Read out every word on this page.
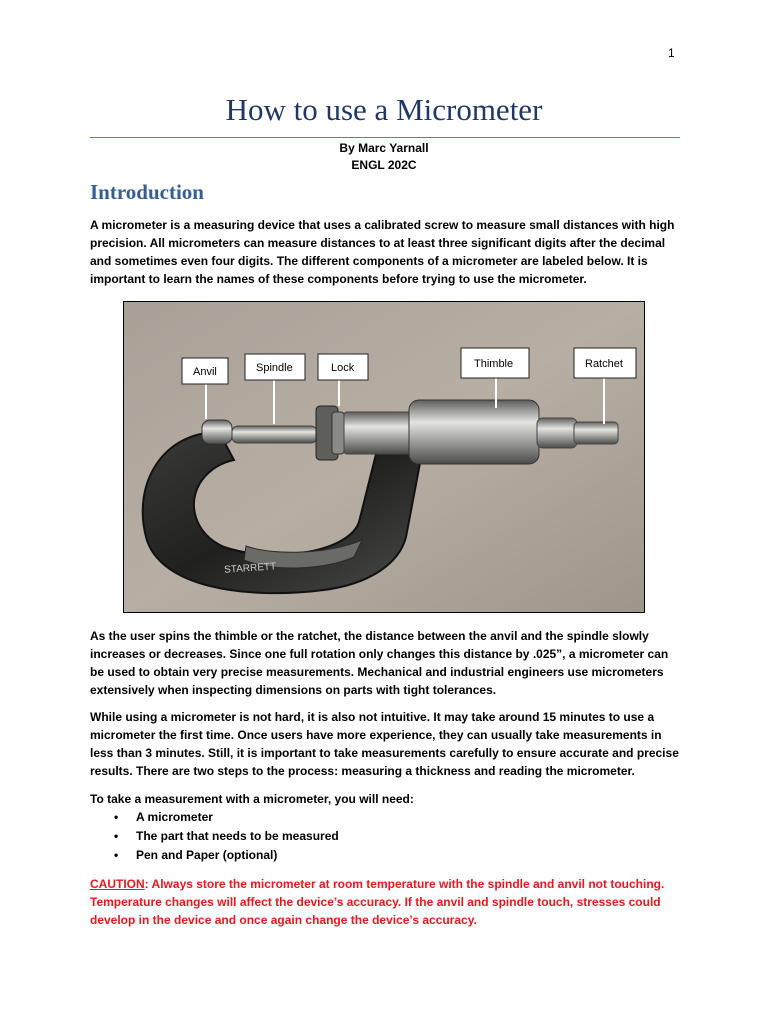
1
How to use a Micrometer
By Marc Yarnall
ENGL 202C
Introduction

A micrometer is a measuring device that uses a calibrated screw to measure small distances with high precision. All micrometers can measure distances to at least three significant digits after the decimal and sometimes even four digits. The different components of a micrometer are labeled below. It is important to learn the names of these components before trying to use the micrometer.

STARRETT
Anvil	Spindle	Lock	Thimble	Ratchet

As the user spins the thimble or the ratchet, the distance between the anvil and the spindle slowly increases or decreases. Since one full rotation only changes this distance by .025”, a micrometer can be used to obtain very precise measurements. Mechanical and industrial engineers use micrometers extensively when inspecting dimensions on parts with tight tolerances.

While using a micrometer is not hard, it is also not intuitive. It may take around 15 minutes to use a micrometer the first time. Once users have more experience, they can usually take measurements in less than 3 minutes. Still, it is important to take measurements carefully to ensure accurate and precise results. There are two steps to the process: measuring a thickness and reading the micrometer.

To take a measurement with a micrometer, you will need:

• A micrometer
• The part that needs to be measured
• Pen and Paper (optional)

CAUTION: Always store the micrometer at room temperature with the spindle and anvil not touching. Temperature changes will affect the device’s accuracy. If the anvil and spindle touch, stresses could develop in the device and once again change the device’s accuracy.
